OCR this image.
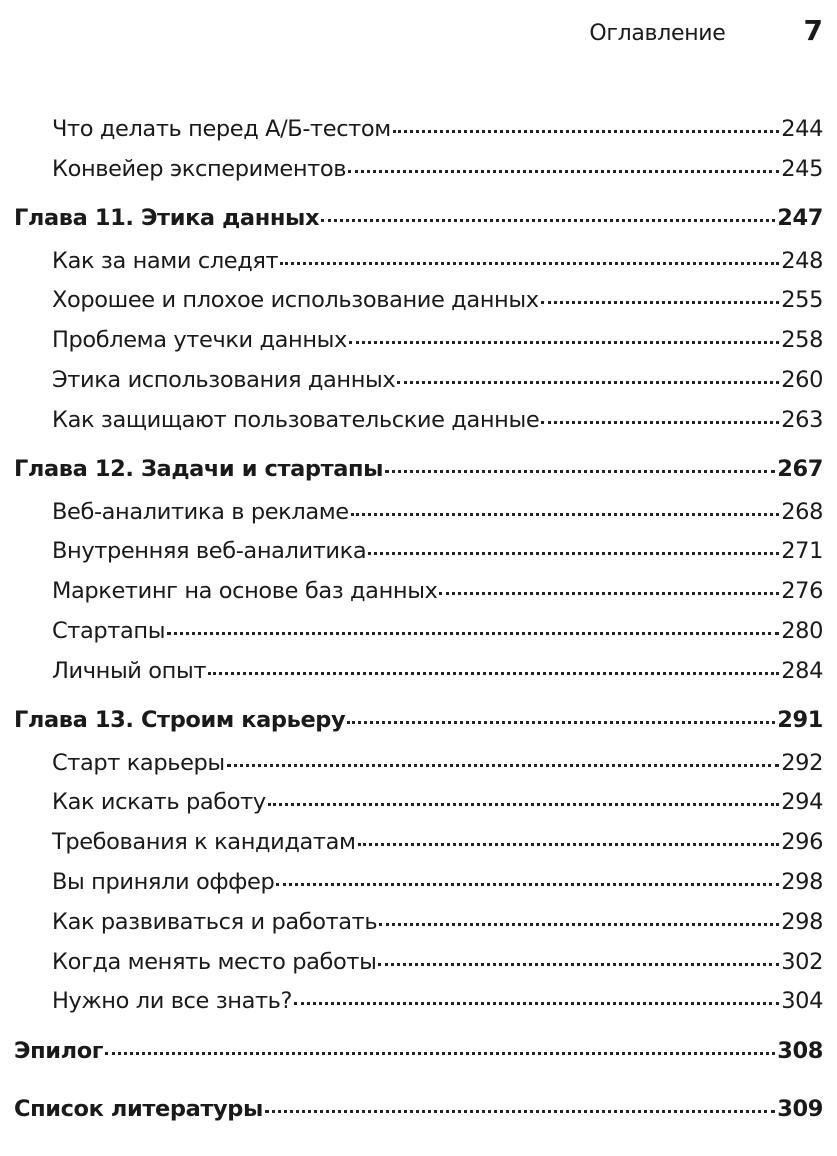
Оглавление	7
Что делать перед А/Б-тестом	244
Конвейер экспериментов	245
Глава 11. Этика данных	247
Как за нами следят	248
Хорошее и плохое использование данных	255
Проблема утечки данных	258
Этика использования данных	260
Как защищают пользовательские данные	263
Глава 12. Задачи и стартапы	267
Веб-аналитика в рекламе	268
Внутренняя веб-аналитика	271
Маркетинг на основе баз данных	276
Стартапы	280
Личный опыт	284
Глава 13. Строим карьеру	291
Старт карьеры	292
Как искать работу	294
Требования к кандидатам	296
Вы приняли оффер	298
Как развиваться и работать	298
Когда менять место работы	302
Нужно ли все знать?	304
Эпилог	308
Список литературы	309
